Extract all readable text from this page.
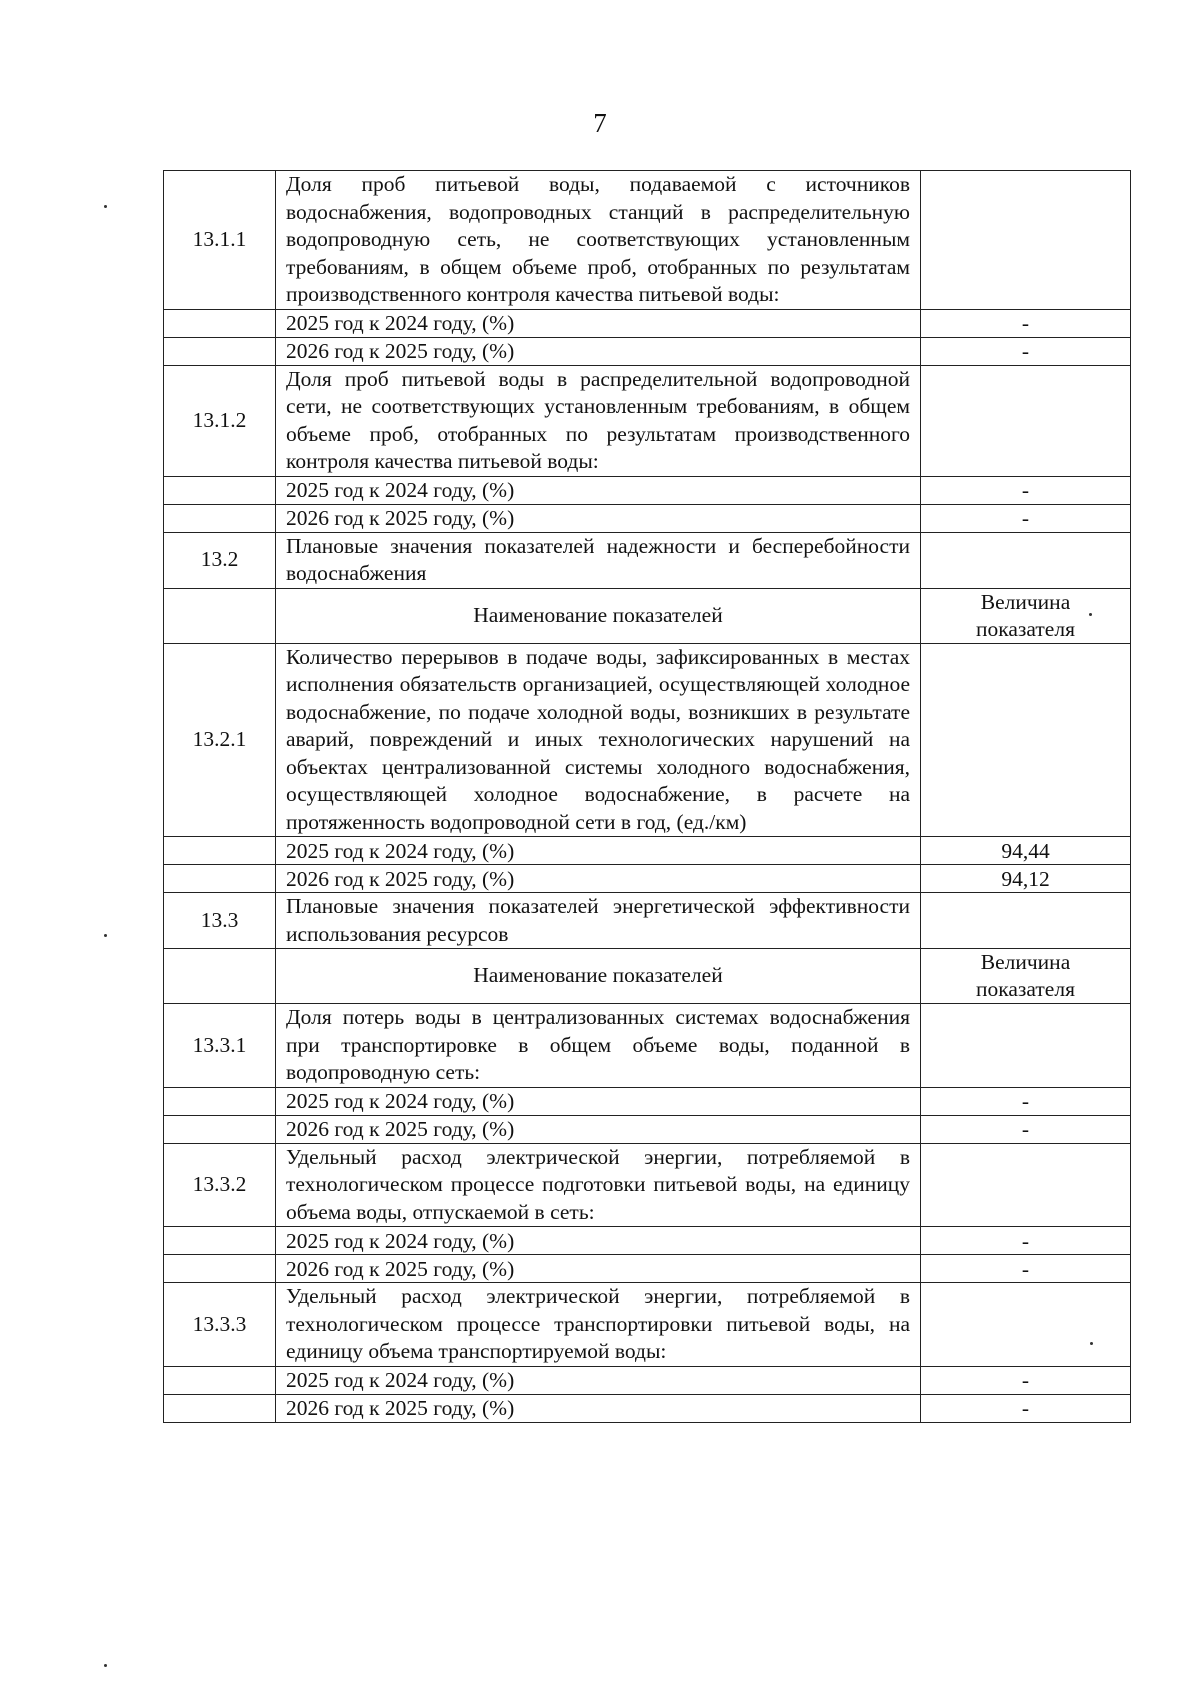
7
13.1.1	Доля проб питьевой воды, подаваемой с источников водоснабжения, водопроводных станций в распределительную водопроводную сеть, не соответствующих установленным требованиям, в общем объеме проб, отобранных по результатам производственного контроля качества питьевой воды:	
	2025 год к 2024 году, (%)	-
	2026 год к 2025 году, (%)	-
13.1.2	Доля проб питьевой воды в распределительной водопроводной сети, не соответствующих установленным требованиям, в общем объеме проб, отобранных по результатам производственного контроля качества питьевой воды:	
	2025 год к 2024 году, (%)	-
	2026 год к 2025 году, (%)	-
13.2	Плановые значения показателей надежности и бесперебойности водоснабжения	
	Наименование показателей	Величина показателя
13.2.1	Количество перерывов в подаче воды, зафиксированных в местах исполнения обязательств организацией, осуществляющей холодное водоснабжение, по подаче холодной воды, возникших в результате аварий, повреждений и иных технологических нарушений на объектах централизованной системы холодного водоснабжения, осуществляющей холодное водоснабжение, в расчете на протяженность водопроводной сети в год, (ед./км)	
	2025 год к 2024 году, (%)	94,44
	2026 год к 2025 году, (%)	94,12
13.3	Плановые значения показателей энергетической эффективности использования ресурсов	
	Наименование показателей	Величина показателя
13.3.1	Доля потерь воды в централизованных системах водоснабжения при транспортировке в общем объеме воды, поданной в водопроводную сеть:	
	2025 год к 2024 году, (%)	-
	2026 год к 2025 году, (%)	-
13.3.2	Удельный расход электрической энергии, потребляемой в технологическом процессе подготовки питьевой воды, на единицу объема воды, отпускаемой в сеть:	
	2025 год к 2024 году, (%)	-
	2026 год к 2025 году, (%)	-
13.3.3	Удельный расход электрической энергии, потребляемой в технологическом процессе транспортировки питьевой воды, на единицу объема транспортируемой воды:	
	2025 год к 2024 году, (%)	-
	2026 год к 2025 году, (%)	-
